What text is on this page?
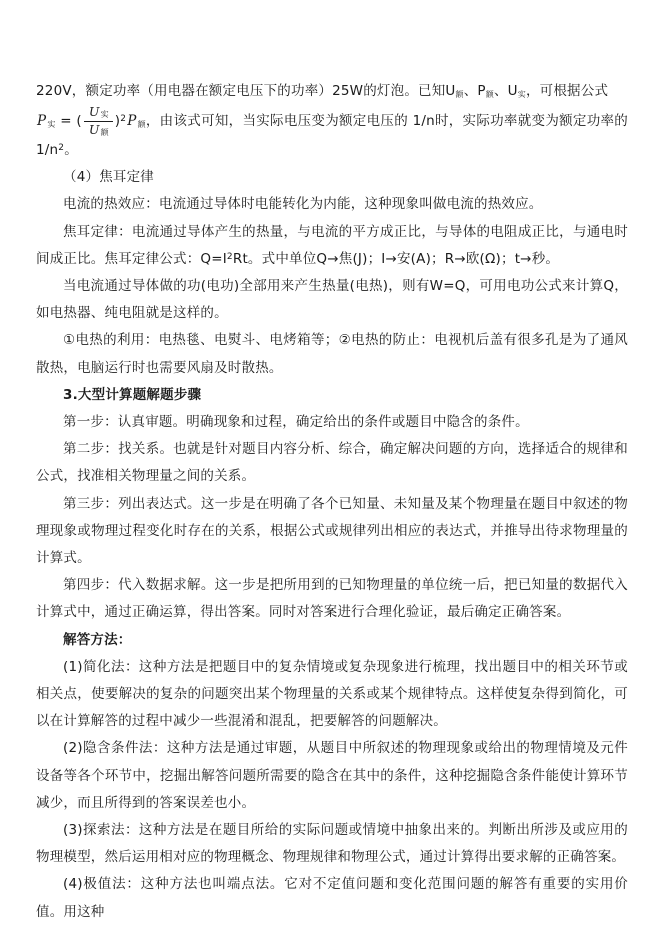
220V，额定功率（用电器在额定电压下的功率）25W的灯泡。已知$U_额$、$P_额$、$U_实$，可根据公式

$P_实$ = ( $\frac{U_实}{U_额} )^2P_额$，由该式可知，当实际电压变为额定电压的 1/n时，实际功率就变为额定功率的 $1/n^2$。

（4）焦耳定律

电流的热效应：电流通过导体时电能转化为内能，这种现象叫做电流的热效应。

焦耳定律：电流通过导体产生的热量，与电流的平方成正比，与导体的电阻成正比，与通电时间成正比。焦耳定律公式：$Q=I^2Rt$。式中单位Q→焦(J)；I→安(A)；R→欧(Ω)；t→秒。

当电流通过导体做的功(电功)全部用来产生热量(电热)，则有W=Q，可用电功公式来计算Q，如电热器、纯电阻就是这样的。

①电热的利用：电热毯、电熨斗、电烤箱等；②电热的防止：电视机后盖有很多孔是为了通风散热，电脑运行时也需要风扇及时散热。

3.大型计算题解题步骤

第一步：认真审题。明确现象和过程，确定给出的条件或题目中隐含的条件。

第二步：找关系。也就是针对题目内容分析、综合，确定解决问题的方向，选择适合的规律和公式，找准相关物理量之间的关系。

第三步：列出表达式。这一步是在明确了各个已知量、未知量及某个物理量在题目中叙述的物理现象或物理过程变化时存在的关系，根据公式或规律列出相应的表达式，并推导出待求物理量的计算式。

第四步：代入数据求解。这一步是把所用到的已知物理量的单位统一后，把已知量的数据代入计算式中，通过正确运算，得出答案。同时对答案进行合理化验证，最后确定正确答案。

解答方法：

(1)简化法：这种方法是把题目中的复杂情境或复杂现象进行梳理，找出题目中的相关环节或相关点，使要解决的复杂的问题突出某个物理量的关系或某个规律特点。这样使复杂得到简化，可以在计算解答的过程中减少一些混淆和混乱，把要解答的问题解决。

(2)隐含条件法：这种方法是通过审题，从题目中所叙述的物理现象或给出的物理情境及元件设备等各个环节中，挖掘出解答问题所需要的隐含在其中的条件，这种挖掘隐含条件能使计算环节减少，而且所得到的答案误差也小。

(3)探索法：这种方法是在题目所给的实际问题或情境中抽象出来的。判断出所涉及或应用的物理模型，然后运用相对应的物理概念、物理规律和物理公式，通过计算得出要求解的正确答案。

(4)极值法：这种方法也叫端点法。它对不定值问题和变化范围问题的解答有重要的实用价值。用这种
